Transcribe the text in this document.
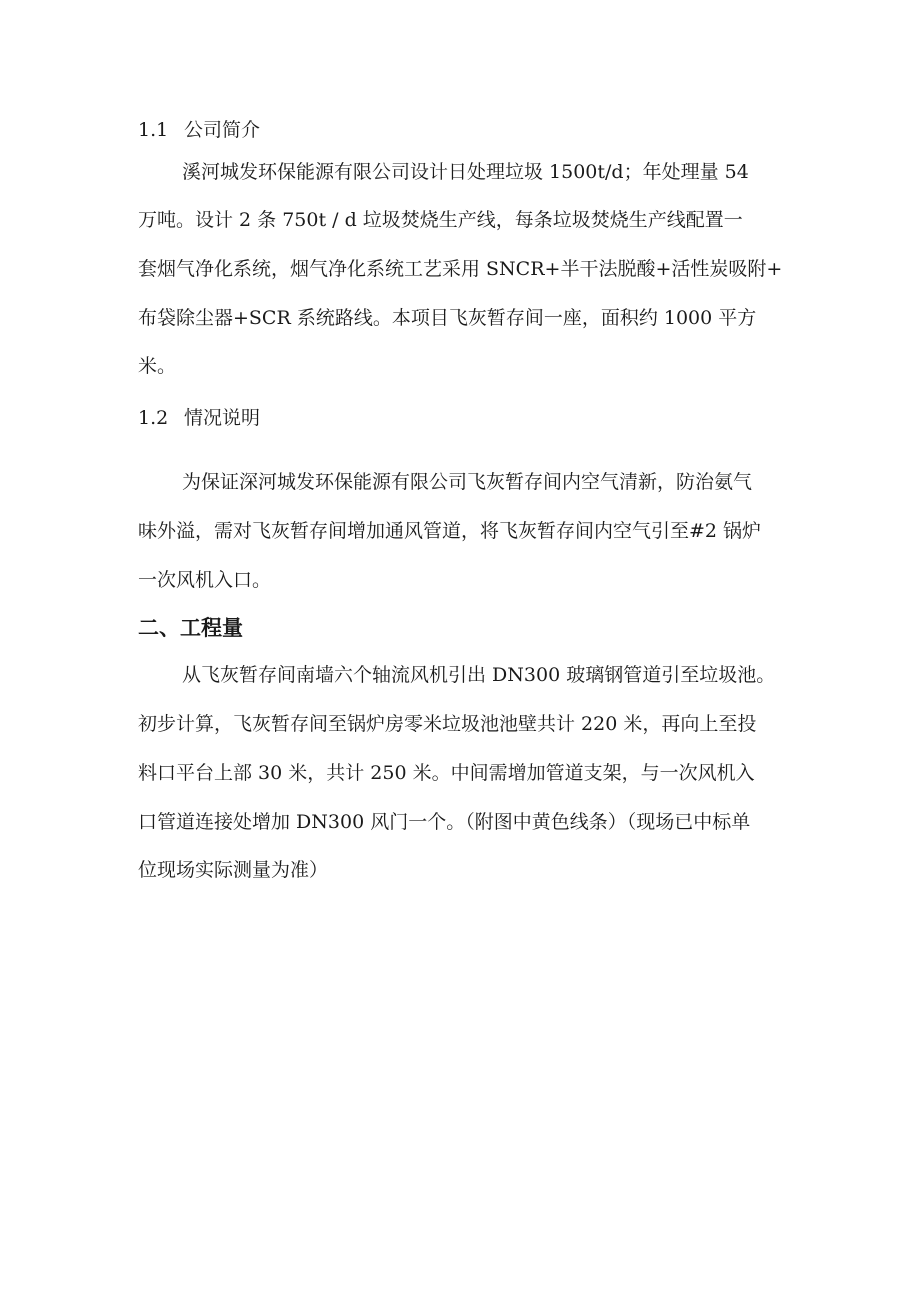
1.1 公司简介
溪河城发环保能源有限公司设计日处理垃圾 1500t/d；年处理量 54
万吨。设计 2 条 750t / d 垃圾焚烧生产线，每条垃圾焚烧生产线配置一
套烟气净化系统，烟气净化系统工艺采用 SNCR+半干法脱酸+活性炭吸附+
布袋除尘器+SCR 系统路线。本项目飞灰暂存间一座，面积约 1000 平方
米。
1.2 情况说明
为保证深河城发环保能源有限公司飞灰暂存间内空气清新，防治氨气
味外溢，需对飞灰暂存间增加通风管道，将飞灰暂存间内空气引至#2 锅炉
一次风机入口。
二、工程量
从飞灰暂存间南墙六个轴流风机引出 DN300 玻璃钢管道引至垃圾池。
初步计算，飞灰暂存间至锅炉房零米垃圾池池壁共计 220 米，再向上至投
料口平台上部 30 米，共计 250 米。中间需增加管道支架，与一次风机入
口管道连接处增加 DN300 风门一个。（附图中黄色线条）（现场已中标单
位现场实际测量为准）
